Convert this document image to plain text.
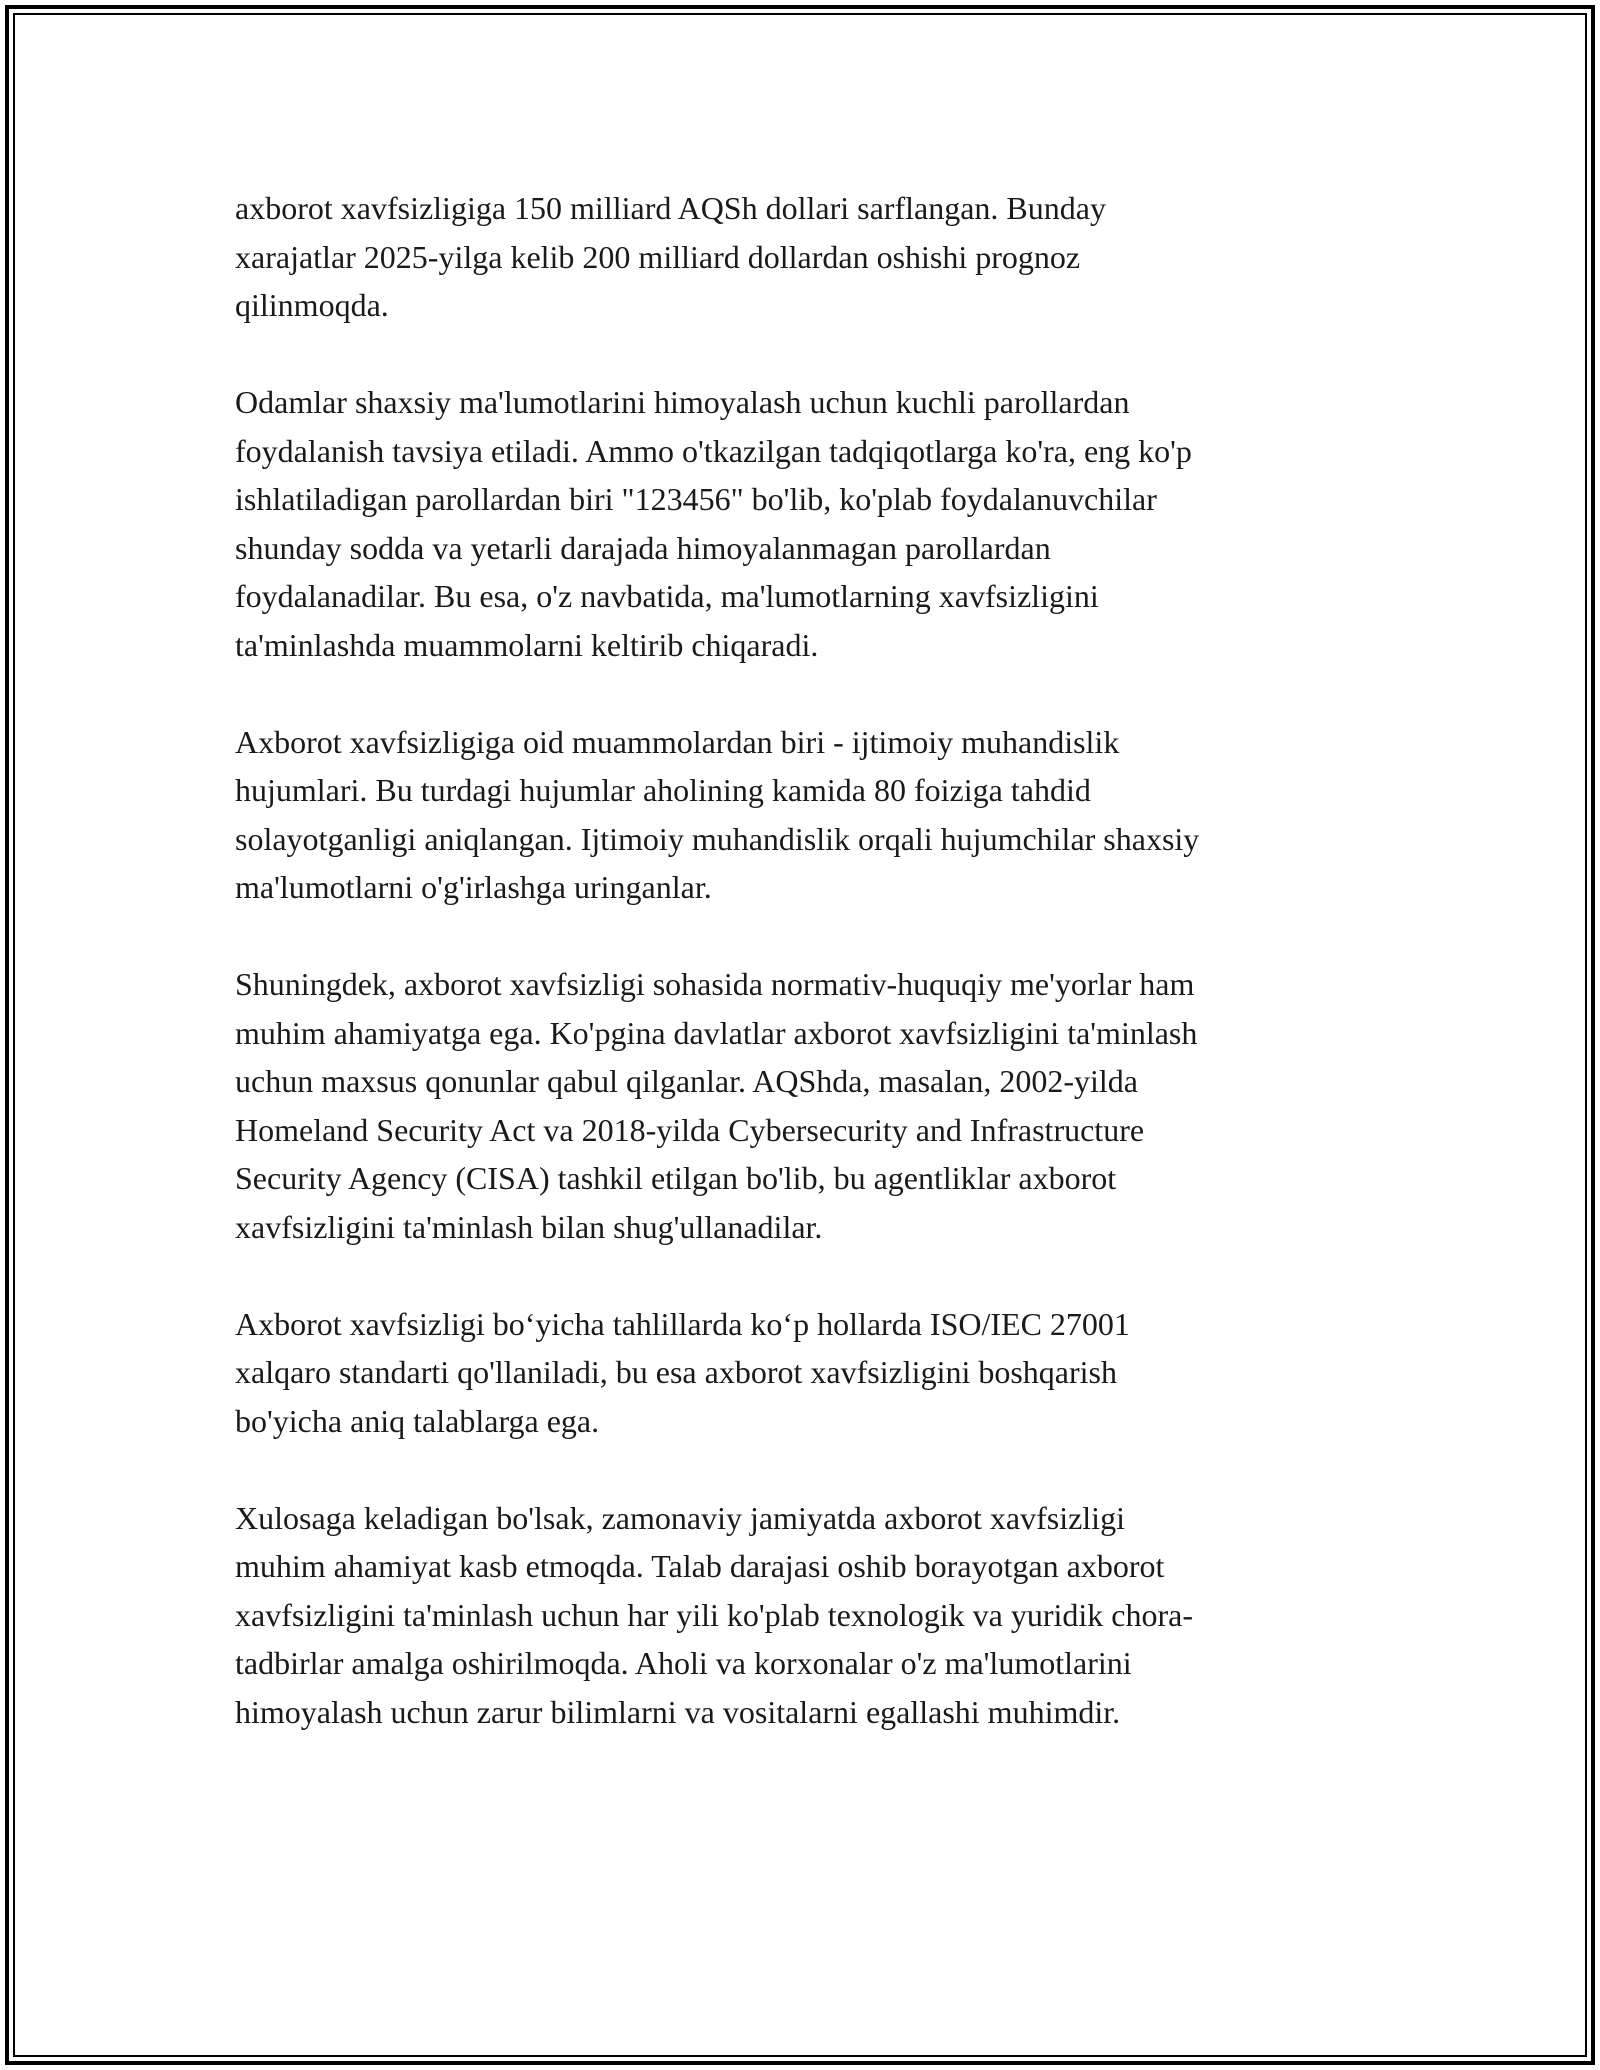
axborot xavfsizligiga 150 milliard AQSh dollari sarflangan. Bunday
xarajatlar 2025-yilga kelib 200 milliard dollardan oshishi prognoz
qilinmoqda.

Odamlar shaxsiy ma'lumotlarini himoyalash uchun kuchli parollardan
foydalanish tavsiya etiladi. Ammo o'tkazilgan tadqiqotlarga ko'ra, eng ko'p
ishlatiladigan parollardan biri "123456" bo'lib, ko'plab foydalanuvchilar
shunday sodda va yetarli darajada himoyalanmagan parollardan
foydalanadilar. Bu esa, o'z navbatida, ma'lumotlarning xavfsizligini
ta'minlashda muammolarni keltirib chiqaradi.

Axborot xavfsizligiga oid muammolardan biri - ijtimoiy muhandislik
hujumlari. Bu turdagi hujumlar aholining kamida 80 foiziga tahdid
solayotganligi aniqlangan. Ijtimoiy muhandislik orqali hujumchilar shaxsiy
ma'lumotlarni o'g'irlashga uringanlar.

Shuningdek, axborot xavfsizligi sohasida normativ-huquqiy me'yorlar ham
muhim ahamiyatga ega. Ko'pgina davlatlar axborot xavfsizligini ta'minlash
uchun maxsus qonunlar qabul qilganlar. AQShda, masalan, 2002-yilda
Homeland Security Act va 2018-yilda Cybersecurity and Infrastructure
Security Agency (CISA) tashkil etilgan bo'lib, bu agentliklar axborot
xavfsizligini ta'minlash bilan shug'ullanadilar.

Axborot xavfsizligi bo‘yicha tahlillarda ko‘p hollarda ISO/IEC 27001
xalqaro standarti qo'llaniladi, bu esa axborot xavfsizligini boshqarish
bo'yicha aniq talablarga ega.

Xulosaga keladigan bo'lsak, zamonaviy jamiyatda axborot xavfsizligi
muhim ahamiyat kasb etmoqda. Talab darajasi oshib borayotgan axborot
xavfsizligini ta'minlash uchun har yili ko'plab texnologik va yuridik chora-
tadbirlar amalga oshirilmoqda. Aholi va korxonalar o'z ma'lumotlarini
himoyalash uchun zarur bilimlarni va vositalarni egallashi muhimdir.
